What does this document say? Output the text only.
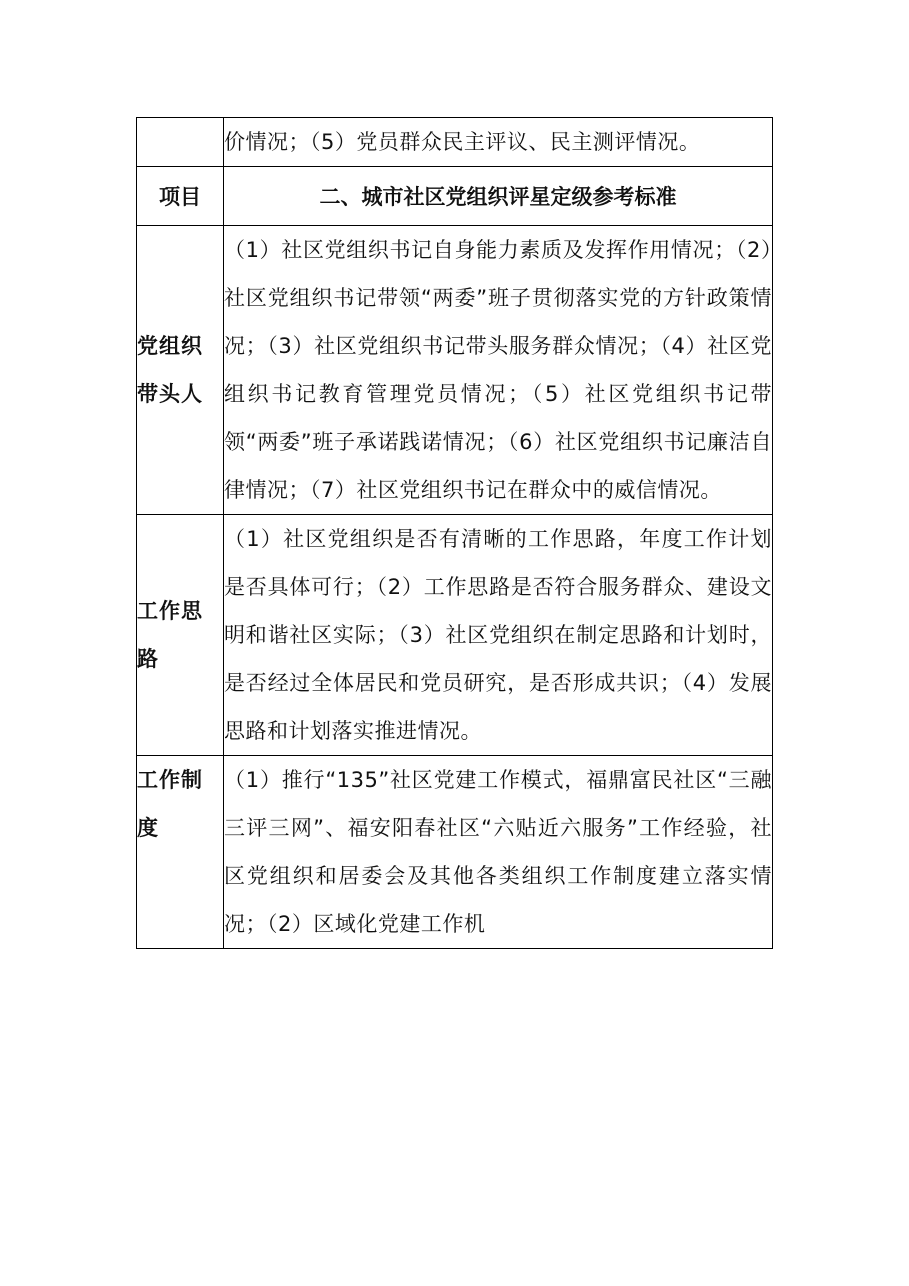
	价情况；（5）党员群众民主评议、民主测评情况。
项目	二、城市社区党组织评星定级参考标准
党组织带头人	（1）社区党组织书记自身能力素质及发挥作用情况；（2）社区党组织书记带领“两委”班子贯彻落实党的方针政策情况；（3）社区党组织书记带头服务群众情况；（4）社区党组织书记教育管理党员情况；（5）社区党组织书记带领“两委”班子承诺践诺情况；（6）社区党组织书记廉洁自律情况；（7）社区党组织书记在群众中的威信情况。
工作思路	（1）社区党组织是否有清晰的工作思路，年度工作计划是否具体可行；（2）工作思路是否符合服务群众、建设文明和谐社区实际；（3）社区党组织在制定思路和计划时，是否经过全体居民和党员研究，是否形成共识；（4）发展思路和计划落实推进情况。
工作制度	（1）推行“135”社区党建工作模式，福鼎富民社区“三融三评三网”、福安阳春社区“六贴近六服务”工作经验，社区党组织和居委会及其他各类组织工作制度建立落实情况；（2）区域化党建工作机
